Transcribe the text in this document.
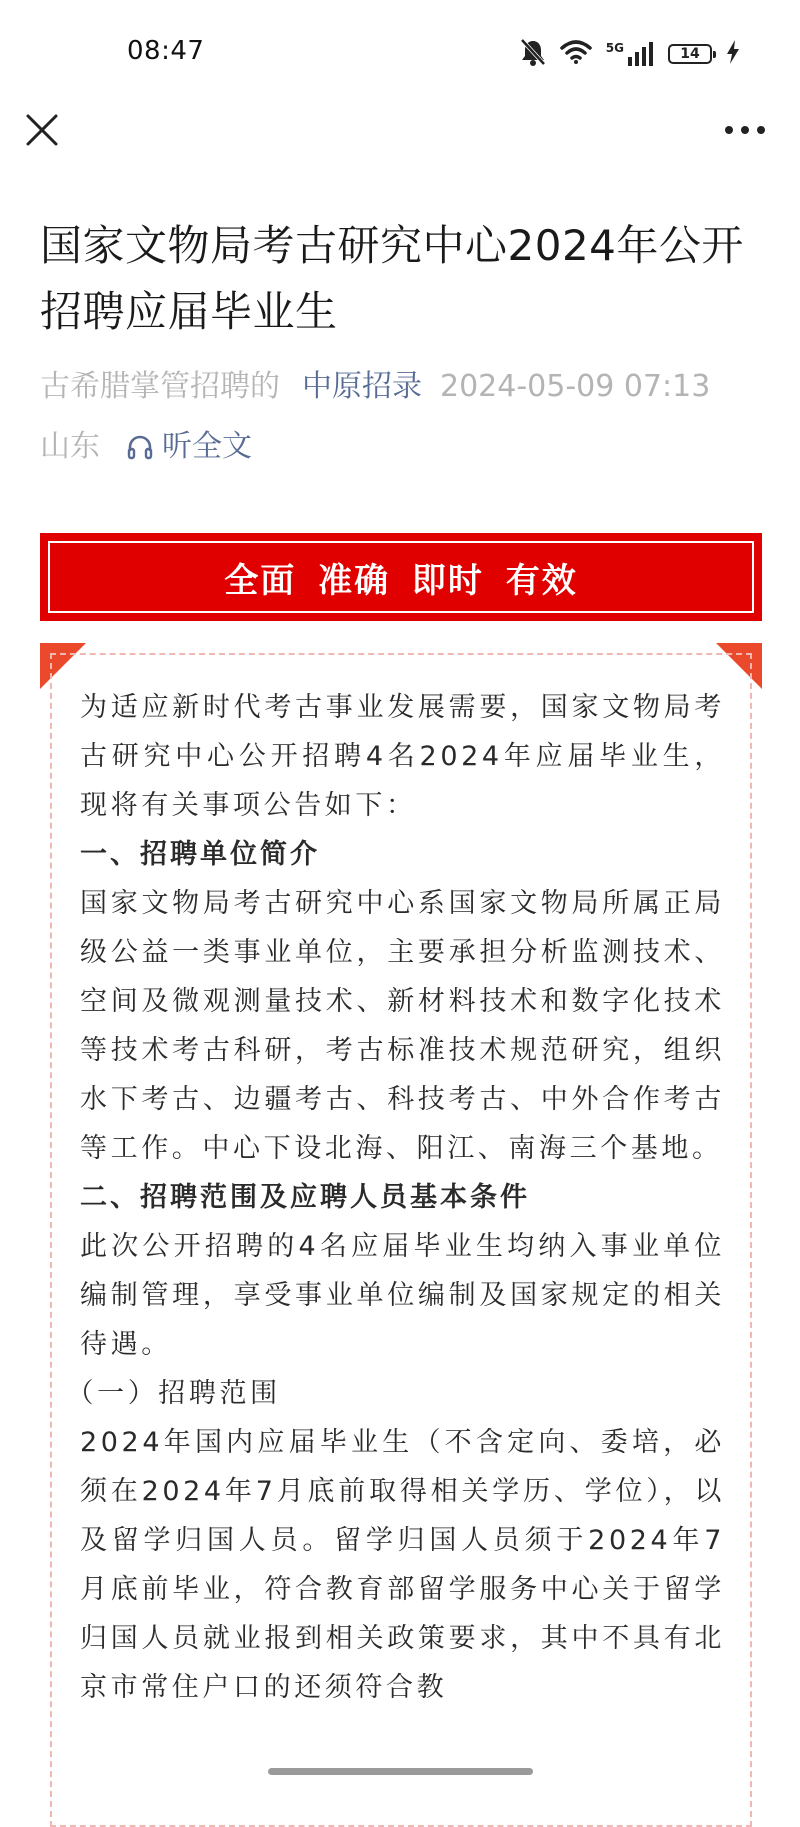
08:47	5G	14
国家文物局考古研究中心2024年公开招聘应届毕业生
古希腊掌管招聘的 中原招录 2024-05-09 07:13
山东 听全文
全面 准确 即时 有效

为适应新时代考古事业发展需要，国家文物局考古研究中心公开招聘4名2024年应届毕业生，现将有关事项公告如下：

一、招聘单位简介

国家文物局考古研究中心系国家文物局所属正局级公益一类事业单位，主要承担分析监测技术、空间及微观测量技术、新材料技术和数字化技术等技术考古科研，考古标准技术规范研究，组织水下考古、边疆考古、科技考古、中外合作考古等工作。中心下设北海、阳江、南海三个基地。

二、招聘范围及应聘人员基本条件

此次公开招聘的4名应届毕业生均纳入事业单位编制管理，享受事业单位编制及国家规定的相关待遇。

（一）招聘范围

2024年国内应届毕业生（不含定向、委培，必须在2024年7月底前取得相关学历、学位），以及留学归国人员。留学归国人员须于2024年7月底前毕业，符合教育部留学服务中心关于留学归国人员就业报到相关政策要求，其中不具有北京市常住户口的还须符合教
